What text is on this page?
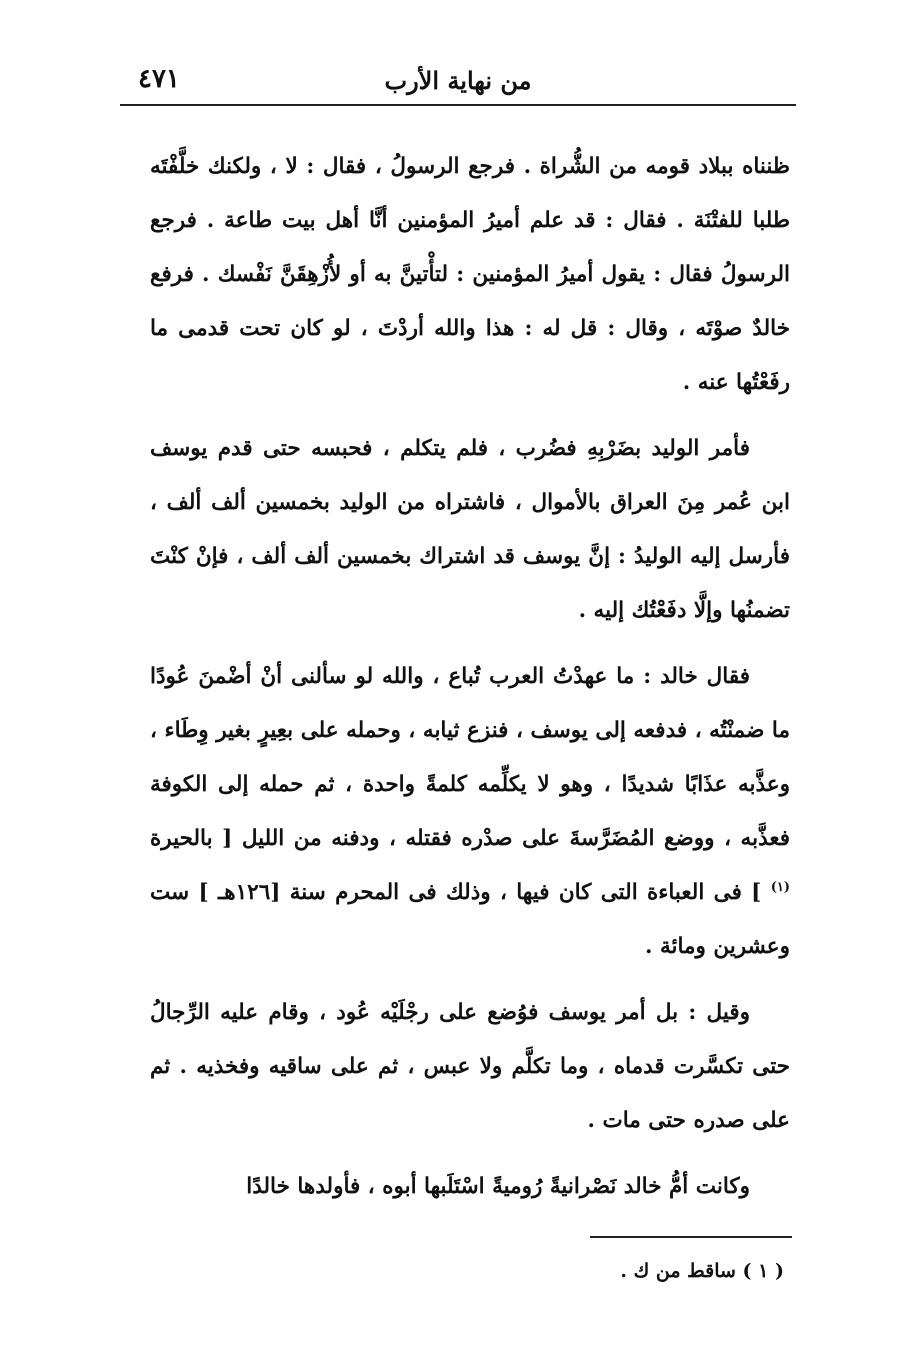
٤٧١	من نهاية الأرب

ظنناه ببلاد قومه من الشُّراة . فرجع الرسولُ ، فقال : لا ، ولكنك خلَّفْتَه طلبا للفتْنَة . فقال : قد علم أميرُ المؤمنين أنَّا أهل بيت طاعة . فرجع الرسولُ فقال : يقول أميرُ المؤمنين : لتأْتينَّ به أو لأُزْهِقَنَّ نَفْسك . فرفع خالدٌ صوْتَه ، وقال : قل له : هذا والله أردْتَ ، لو كان تحت قدمى ما رفَعْتُها عنه .

فأمر الوليد بضَرْبِهِ فضُرب ، فلم يتكلم ، فحبسه حتى قدم يوسف ابن عُمر مِنَ العراق بالأموال ، فاشتراه من الوليد بخمسين ألف ألف ، فأرسل إليه الوليدُ : إنَّ يوسف قد اشتراك بخمسين ألف ألف ، فإنْ كنْتَ تضمنُها وإلَّا دفَعْتُك إليه .

فقال خالد : ما عهدْتُ العرب تُباع ، والله لو سألنى أنْ أضْمنَ عُودًا ما ضمنْتُه ، فدفعه إلى يوسف ، فنزع ثيابه ، وحمله على بعِيرٍ بغير وِطَاء ، وعذَّبه عذَابًا شديدًا ، وهو لا يكلِّمه كلمةً واحدة ، ثم حمله إلى الكوفة فعذَّبه ، ووضع المُضَرَّسةَ على صدْره فقتله ، ودفنه من الليل [ بالحيرة $^{(١)}$ ] فى العباءة التى كان فيها ، وذلك فى المحرم سنة [١٢٦هـ ] ست وعشرين ومائة .

وقيل : بل أمر يوسف فوُضع على رجْلَيْه عُود ، وقام عليه الرِّجالُ حتى تكسَّرت قدماه ، وما تكلَّم ولا عبس ، ثم على ساقيه وفخذيه . ثم على صدره حتى مات .

وكانت أمُّ خالد نَصْرانيةً رُوميةً اسْتَلَبها أبوه ، فأولدها خالدًا

( ١ ) ساقط من ك .
